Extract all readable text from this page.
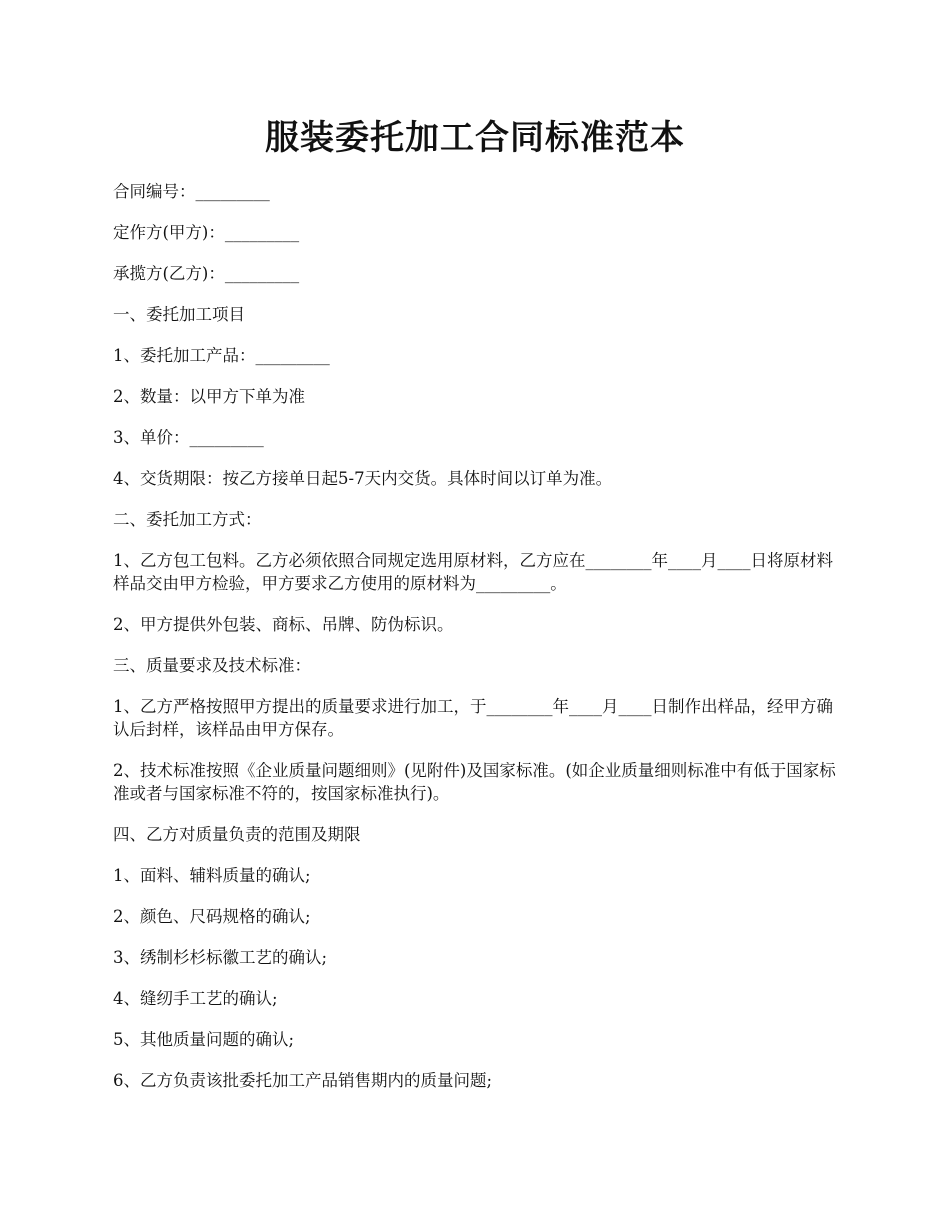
服装委托加工合同标准范本

合同编号：_________

定作方(甲方)：_________

承揽方(乙方)：_________

一、委托加工项目

1、委托加工产品：_________

2、数量：以甲方下单为准

3、单价：_________

4、交货期限：按乙方接单日起5-7天内交货。具体时间以订单为准。

二、委托加工方式：

1、乙方包工包料。乙方必须依照合同规定选用原材料，乙方应在________年____月____日将原材料样品交由甲方检验，甲方要求乙方使用的原材料为_________。

2、甲方提供外包装、商标、吊牌、防伪标识。

三、质量要求及技术标准：

1、乙方严格按照甲方提出的质量要求进行加工，于________年____月____日制作出样品，经甲方确认后封样，该样品由甲方保存。

2、技术标准按照《企业质量问题细则》(见附件)及国家标准。(如企业质量细则标准中有低于国家标准或者与国家标准不符的，按国家标准执行)。

四、乙方对质量负责的范围及期限

1、面料、辅料质量的确认;

2、颜色、尺码规格的确认;

3、绣制杉杉标徽工艺的确认;

4、缝纫手工艺的确认;

5、其他质量问题的确认;

6、乙方负责该批委托加工产品销售期内的质量问题;
